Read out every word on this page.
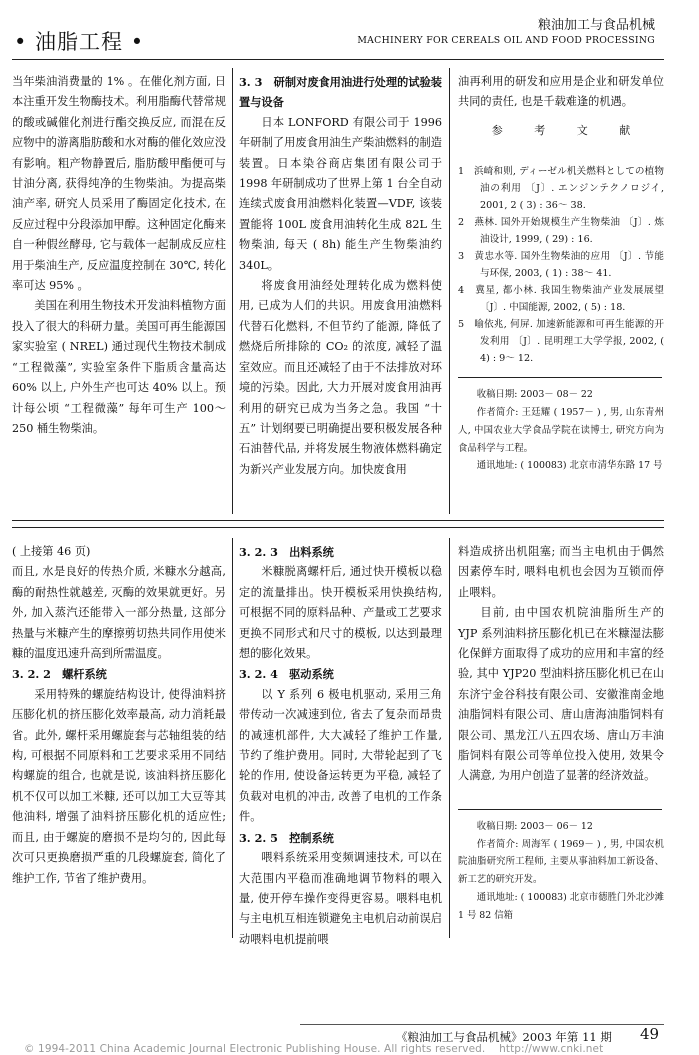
• 油脂工程 •
粮油加工与食品机械
MACHINERY FOR CEREALS OIL AND FOOD PROCESSING

当年柴油消费量的 1% 。在催化剂方面, 日本注重开发生物酶技术。利用脂酶代替常规的酸或碱催化剂进行酯交换反应, 而混在反应物中的游离脂肪酸和水对酶的催化效应没有影响。粗产物静置后, 脂肪酸甲酯便可与甘油分离, 获得纯净的生物柴油。为提高柴油产率, 研究人员采用了酶固定化技术, 在反应过程中分段添加甲醇。这种固定化酶来自一种假丝酵母, 它与载体一起制成反应柱用于柴油生产, 反应温度控制在 30℃, 转化率可达 95% 。

美国在利用生物技术开发油料植物方面投入了很大的科研力量。美国可再生能源国家实验室 ( NREL) 通过现代生物技术制成 “工程微藻”, 实验室条件下脂质含量高达 60% 以上, 户外生产也可达 40% 以上。预计每公顷 “工程微藻” 每年可生产 100～ 250 桶生物柴油。

3. 3　研制对废食用油进行处理的试验装置与设备

日本 LONFORD 有限公司于 1996 年研制了用废食用油生产柴油燃料的制造装置。日本染谷商店集团有限公司于 1998 年研制成功了世界上第 1 台全自动连续式废食用油燃料化装置—VDF, 该装置能将 100L 废食用油转化生成 82L 生物柴油, 每天 ( 8h) 能生产生物柴油约 340L。

将废食用油经处理转化成为燃料使用, 已成为人们的共识。用废食用油燃料代替石化燃料, 不但节约了能源, 降低了燃烧后所排除的 CO₂ 的浓度, 减轻了温室效应。而且还减轻了由于不法排放对环境的污染。因此, 大力开展对废食用油再利用的研究已成为当务之急。我国 “十五” 计划纲要已明确提出要积极发展各种石油替代品, 并将发展生物液体燃料确定为新兴产业发展方向。加快废食用

油再利用的研发和应用是企业和研发单位共同的责任, 也是千载难逢的机遇。

参 考 文 献
1　浜崎和则, ディーゼル机关燃料としての植物油の利用 〔J〕. エンジンテクノロジイ, 2001, 2 ( 3) : 36～ 38.
2　燕林. 国外开始规模生产生物柴油 〔J〕. 炼油设计, 1999, ( 29) : 16.
3　黄忠水等. 国外生物柴油的应用 〔J〕. 节能与环保, 2003, ( 1) : 38～ 41.
4　冀星, 都小林. 我国生物柴油产业发展展望 〔J〕. 中国能源, 2002, ( 5) : 18.
5　喻依兆, 何屏. 加速新能源和可再生能源的开发利用 〔J〕. 昆明理工大学学报, 2002, ( 4) : 9～ 12.

收稿日期: 2003－ 08－ 22

作者简介: 王廷耀 ( 1957－ ) , 男, 山东青州人, 中国农业大学食品学院在读博士, 研究方向为食品科学与工程。

通讯地址: ( 100083) 北京市清华东路 17 号

( 上接第 46 页)

而且, 水是良好的传热介质, 米糠水分越高, 酶的耐热性就越差, 灭酶的效果就更好。另外, 加入蒸汽还能带入一部分热量, 这部分热量与米糠产生的摩擦剪切热共同作用使米糠的温度迅速升高到所需温度。

3. 2. 2　螺杆系统

采用特殊的螺旋结构设计, 使得油料挤压膨化机的挤压膨化效率最高, 动力消耗最省。此外, 螺杆采用螺旋套与芯轴组装的结构, 可根据不同原料和工艺要求采用不同结构螺旋的组合, 也就是说, 该油料挤压膨化机不仅可以加工米糠, 还可以加工大豆等其他油料, 增强了油料挤压膨化机的适应性; 而且, 由于螺旋的磨损不是均匀的, 因此每次可只更换磨损严重的几段螺旋套, 简化了维护工作, 节省了维护费用。

3. 2. 3　出料系统

米糠脱离螺杆后, 通过快开模板以稳定的流量排出。快开模板采用快换结构, 可根据不同的原料品种、产量或工艺要求更换不同形式和尺寸的模板, 以达到最理想的膨化效果。

3. 2. 4　驱动系统

以 Y 系列 6 极电机驱动, 采用三角带传动一次减速到位, 省去了复杂而昂贵的减速机部件, 大大减轻了维护工作量, 节约了维护费用。同时, 大带轮起到了飞轮的作用, 使设备运转更为平稳, 减轻了负载对电机的冲击, 改善了电机的工作条件。

3. 2. 5　控制系统

喂料系统采用变频调速技术, 可以在大范围内平稳而准确地调节物料的喂入量, 使开停车操作变得更容易。喂料电机与主电机互相连锁避免主电机启动前误启动喂料电机提前喂

料造成挤出机阻塞; 而当主电机由于偶然因素停车时, 喂料电机也会因为互锁而停止喂料。

目前, 由中国农机院油脂所生产的 YJP 系列油料挤压膨化机已在米糠湿法膨化保鲜方面取得了成功的应用和丰富的经验, 其中 YJP20 型油料挤压膨化机已在山东济宁金谷科技有限公司、安徽淮南金地油脂饲料有限公司、唐山唐海油脂饲料有限公司、黑龙江八五四农场、唐山万丰油脂饲料有限公司等单位投入使用, 效果令人满意, 为用户创造了显著的经济效益。

收稿日期: 2003－ 06－ 12

作者简介: 周海军 ( 1969－ ) , 男, 中国农机院油脂研究所工程师, 主要从事油料加工新设备、新工艺的研究开发。

通讯地址: ( 100083) 北京市德胜门外北沙滩 1 号 82 信箱

《粮油加工与食品机械》2003 年第 11 期 49
© 1994-2011 China Academic Journal Electronic Publishing House. All rights reserved.    http://www.cnki.net
